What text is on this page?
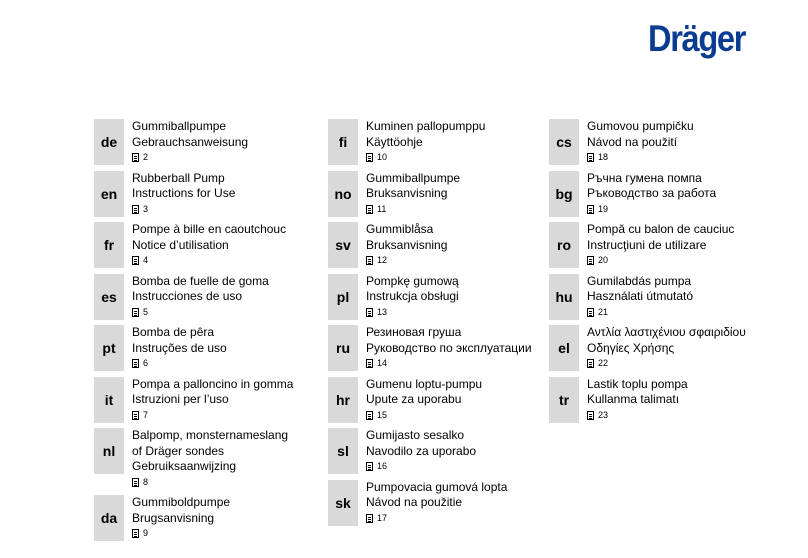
Dräger
de
Gummiballpumpe
Gebrauchsanweisung
2
en
Rubberball Pump
Instructions for Use
3
fr
Pompe à bille en caoutchouc
Notice d’utilisation
4
es
Bomba de fuelle de goma
Instrucciones de uso
5
pt
Bomba de pêra
Instruções de uso
6
it
Pompa a palloncino in gomma
Istruzioni per l’uso
7
nl
Balpomp, monsternameslang
of Dräger sondes
Gebruiksaanwijzing
8
da
Gummiboldpumpe
Brugsanvisning
9
fi
Kuminen pallopumppu
Käyttöohje
10
no
Gummiballpumpe
Bruksanvisning
11
sv
Gummiblåsa
Bruksanvisning
12
pl
Pompkę gumową
Instrukcja obsługi
13
ru
Резиновая груша
Руководство по эксплуатации
14
hr
Gumenu loptu-pumpu
Upute za uporabu
15
sl
Gumijasto sesalko
Navodilo za uporabo
16
sk
Pumpovacia gumová lopta
Návod na použitie
17
cs
Gumovou pumpičku
Návod na použití
18
bg
Ръчна гумена помпа
Ръководство за работа
19
ro
Pompă cu balon de cauciuc
Instrucţiuni de utilizare
20
hu
Gumilabdás pumpa
Használati útmutató
21
el
Αντλία λαστιχένιου σφαιριδίου
Οδηγίες Χρήσης
22
tr
Lastik toplu pompa
Kullanma talimatı
23
